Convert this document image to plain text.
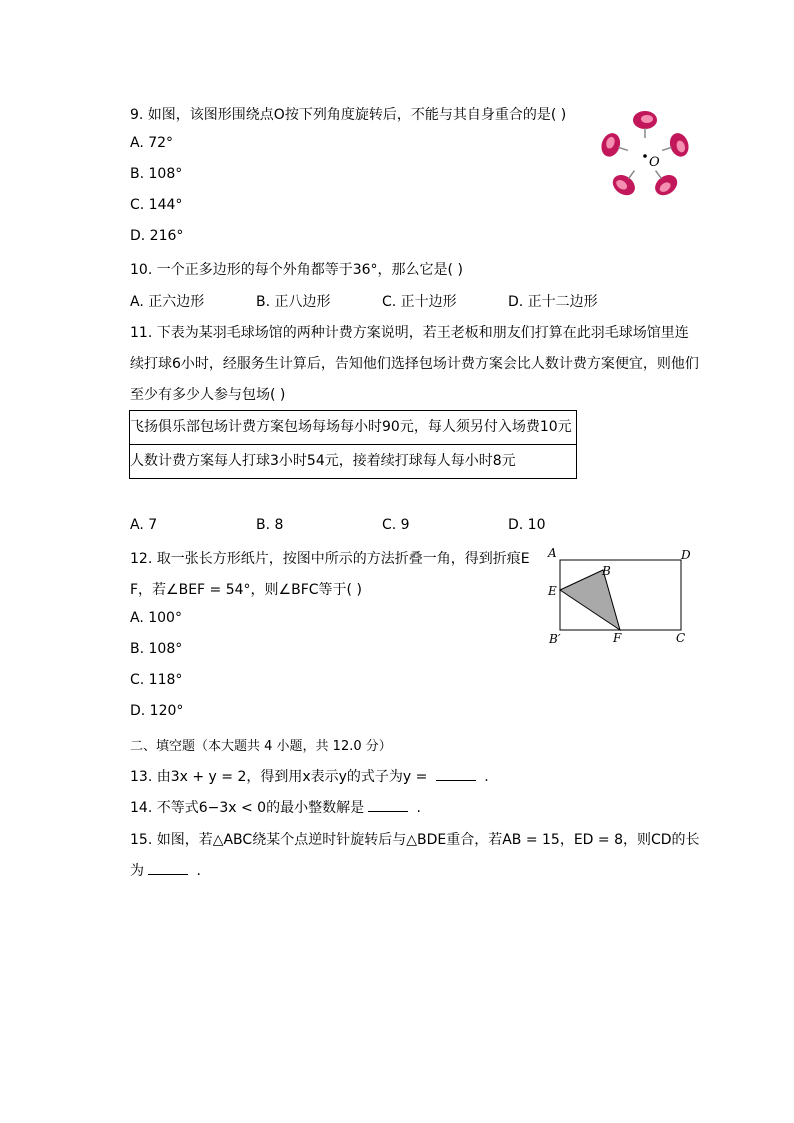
9. 如图，该图形围绕点O按下列角度旋转后，不能与其自身重合的是( )
A. 72°
B. 108°
C. 144°
D. 216°
O
10. 一个正多边形的每个外角都等于36°，那么它是( )
A. 正六边形	B. 正八边形	C. 正十边形	D. 正十二边形
11. 下表为某羽毛球场馆的两种计费方案说明，若王老板和朋友们打算在此羽毛球场馆里连
续打球6小时，经服务生计算后，告知他们选择包场计费方案会比人数计费方案便宜，则他们
至少有多少人参与包场( )
飞扬俱乐部包场计费方案包场每场每小时90元，每人须另付入场费10元
人数计费方案每人打球3小时54元，接着续打球每人每小时8元
A. 7	B. 8	C. 9	D. 10
12. 取一张长方形纸片，按图中所示的方法折叠一角，得到折痕E
F，若∠BEF = 54°，则∠BFC等于( )
A. 100°
B. 108°
C. 118°
D. 120°
A	D
B
E
B′	F	C
二、填空题（本大题共 4 小题，共 12.0 分）
13. 由3x + y = 2，得到用x表示y的式子为y =	.
14. 不等式6−3x < 0的最小整数解是	.
15. 如图，若△ABC绕某个点逆时针旋转后与△BDE重合，若AB = 15，ED = 8，则CD的长
为	.
